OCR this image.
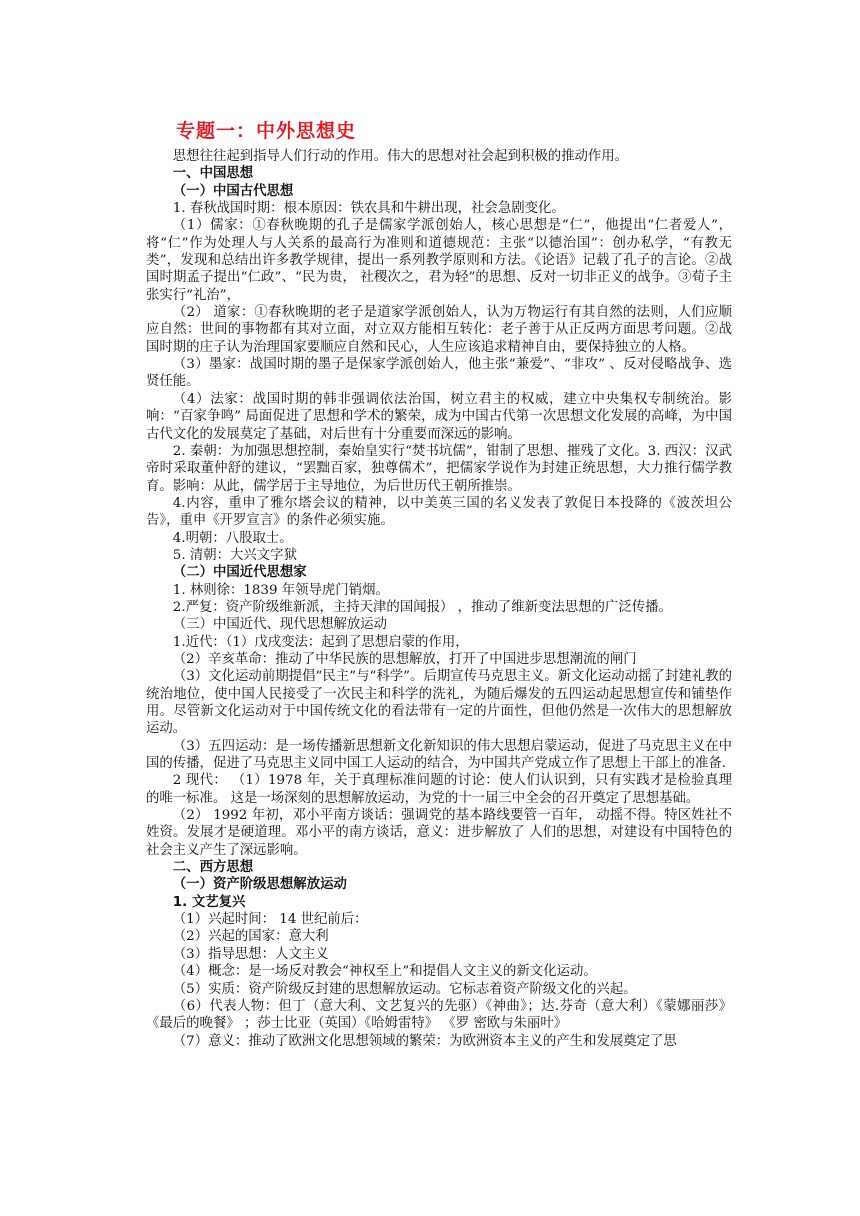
专题一：中外思想史

思想往往起到指导人们行动的作用。伟大的思想对社会起到积极的推动作用。

一、中国思想

（一）中国古代思想

1. 春秋战国时期：根本原因：铁农具和牛耕出现，社会急剧变化。

（1）儒家：①春秋晚期的孔子是儒家学派创始人，核心思想是“仁”，他提出“仁者爱人”，将“仁”作为处理人与人关系的最高行为准则和道德规范：主张“以德治国”：创办私学，“有教无类”，发现和总结出许多教学规律，提出一系列教学原则和方法。《论语》记载了孔子的言论。②战国时期孟子提出“仁政”、“民为贵， 社稷次之，君为轻”的思想、反对一切非正义的战争。③荀子主张实行“礼治”，

（2） 道家：①春秋晚期的老子是道家学派创始人，认为万物运行有其自然的法则，人们应顺应自然：世间的事物都有其对立面，对立双方能相互转化：老子善于从正反两方面思考问题。②战国时期的庄子认为治理国家要顺应自然和民心，人生应该追求精神自由，要保持独立的人格。

（3）墨家：战国时期的墨子是保家学派创始人，他主张“兼爱”、“非攻” 、反对侵略战争、选贤任能。

（4）法家：战国时期的韩非强调依法治国，树立君主的权威，建立中央集权专制统治。影响：“百家争鸣” 局面促进了思想和学术的繁荣，成为中国古代第一次思想文化发展的高峰，为中国古代文化的发展莫定了基础，对后世有十分重要而深远的影响。

2. 秦朝：为加强思想控制，秦始皇实行“焚书坑儒”，钳制了思想、摧残了文化。3. 西汉：汉武帝时采取董仲舒的建议，“罢黜百家，独尊儒术”，把儒家学说作为封建正统思想，大力推行儒学教育。影响：从此，儒学居于主导地位，为后世历代王朝所推崇。

4.内容，重申了雅尔塔会议的精神，以中美英三国的名义发表了敦促日本投降的《波茨坦公告》，重申《开罗宣言》的条件必须实施。

4.明朝：八股取士。

5. 清朝：大兴文字狱

（二）中国近代思想家

1. 林则徐：1839 年领导虎门销烟。

2.严复：资产阶级维新派，主持天津的国闻报） ，推动了维新变法思想的广泛传播。

（三）中国近代、现代思想解放运动

1.近代：（1）戊戌变法：起到了思想启蒙的作用，

（2）辛亥革命：推动了中华民族的思想解放，打开了中国进步思想潮流的闸门

（3）文化运动前期提倡“民主”与“科学”。后期宣传马克思主义。新文化运动动摇了封建礼教的统治地位，使中国人民接受了一次民主和科学的洗礼，为随后爆发的五四运动起思想宣传和铺垫作用。尽管新文化运动对于中国传统文化的看法带有一定的片面性，但他仍然是一次伟大的思想解放运动。

（3）五四运动：是一场传播新思想新文化新知识的伟大思想启蒙运动，促进了马克思主义在中国的传播，促进了马克思主义同中国工人运动的结合，为中国共产党成立作了思想上干部上的准备.

2 现代： （1）1978 年，关于真理标准问题的讨论：使人们认识到，只有实践才是检验真理的唯一标准。 这是一场深刻的思想解放运动，为党的十一届三中全会的召开奠定了思想基础。

（2） 1992 年初，邓小平南方谈话：强调党的基本路线要管一百年， 动摇不得。特区姓社不姓资。发展才是硬道理。邓小平的南方谈话，意义：进步解放了 人们的思想，对建设有中国特色的社会主义产生了深远影响。

二、西方思想

（一）资产阶级思想解放运动

1. 文艺复兴

（1）兴起时间： 14 世纪前后：

（2）兴起的国家：意大利

（3）指导思想：人文主义

（4）概念：是一场反对教会“神权至上”和提倡人文主义的新文化运动。

（5）实质：资产阶级反封建的思想解放运动。它标志着资产阶级文化的兴起。

（6）代表人物：但丁（意大利、文艺复兴的先驱）《神曲》；达.芬奇（意大利）《蒙娜丽莎》《最后的晚餐》 ；莎士比亚（英国）《哈姆雷特》 《罗 密欧与朱丽叶》

（7）意义：推动了欧洲文化思想领域的繁荣：为欧洲资本主义的产生和发展奠定了思
